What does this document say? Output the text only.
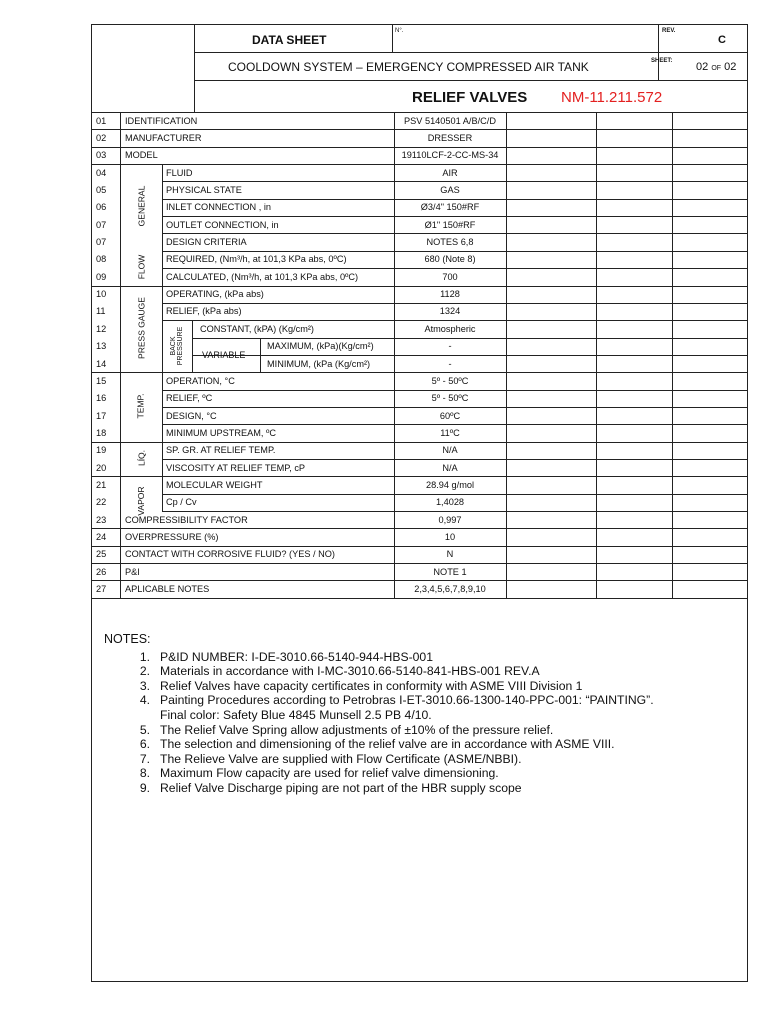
DATA SHEET
N°.	REV.
C
COOLDOWN SYSTEM – EMERGENCY COMPRESSED AIR TANK	SHEET: 02 OF 02
RELIEF VALVES NM-11.211.572
01 IDENTIFICATION	PSV 5140501 A/B/C/D
02 MANUFACTURER	DRESSER
03 MODEL	19110LCF-2-CC-MS-34
04	FLUID	AIR
05	PHYSICAL STATE	GAS
06	INLET CONNECTION , in	Ø3/4" 150#RF
07	OUTLET CONNECTION, in	Ø1" 150#RF
07	DESIGN CRITERIA	NOTES 6,8
08	REQUIRED, (Nm³/h, at 101,3 KPa abs, 0ºC)	680 (Note 8)
09	CALCULATED, (Nm³/h, at 101,3 KPa abs, 0ºC)	700
10	OPERATING, (kPa abs)	1128
11	RELIEF, (kPa abs)	1324
12	CONSTANT, (kPA) (Kg/cm²)	Atmospheric
13	MAXIMUM, (kPa)(Kg/cm²)	-
14	MINIMUM, (kPa (Kg/cm²)	-
15	OPERATION, °C	5º - 50ºC
16	RELIEF, ºC	5º - 50ºC
17	DESIGN, °C	60ºC
18	MINIMUM UPSTREAM, ºC	11ºC
19	SP. GR. AT RELIEF TEMP.	N/A
20	VISCOSITY AT RELIEF TEMP, cP	N/A
21	MOLECULAR WEIGHT	28.94 g/mol
22	Cp / Cv	1,4028
23 COMPRESSIBILITY FACTOR	0,997
24 OVERPRESSURE (%)	10
25 CONTACT WITH CORROSIVE FLUID? (YES / NO)	N
26 P&I	NOTE 1
27 APLICABLE NOTES	2,3,4,5,6,7,8,9,10
VARIABLE
GENERAL
FLOW
PRESS GAUGE
TEMP.
LÍQ.
VAPOR
BACK PRESSURE
NOTES:
1. P&ID NUMBER: I-DE-3010.66-5140-944-HBS-001
2. Materials in accordance with I-MC-3010.66-5140-841-HBS-001 REV.A
3. Relief Valves have capacity certificates in conformity with ASME VIII Division 1
4. Painting Procedures according to Petrobras I-ET-3010.66-1300-140-PPC-001: “PAINTING”.
Final color: Safety Blue 4845 Munsell 2.5 PB 4/10.
5. The Relief Valve Spring allow adjustments of ±10% of the pressure relief.
6. The selection and dimensioning of the relief valve are in accordance with ASME VIII.
7. The Relieve Valve are supplied with Flow Certificate (ASME/NBBI).
8. Maximum Flow capacity are used for relief valve dimensioning.
9. Relief Valve Discharge piping are not part of the HBR supply scope
